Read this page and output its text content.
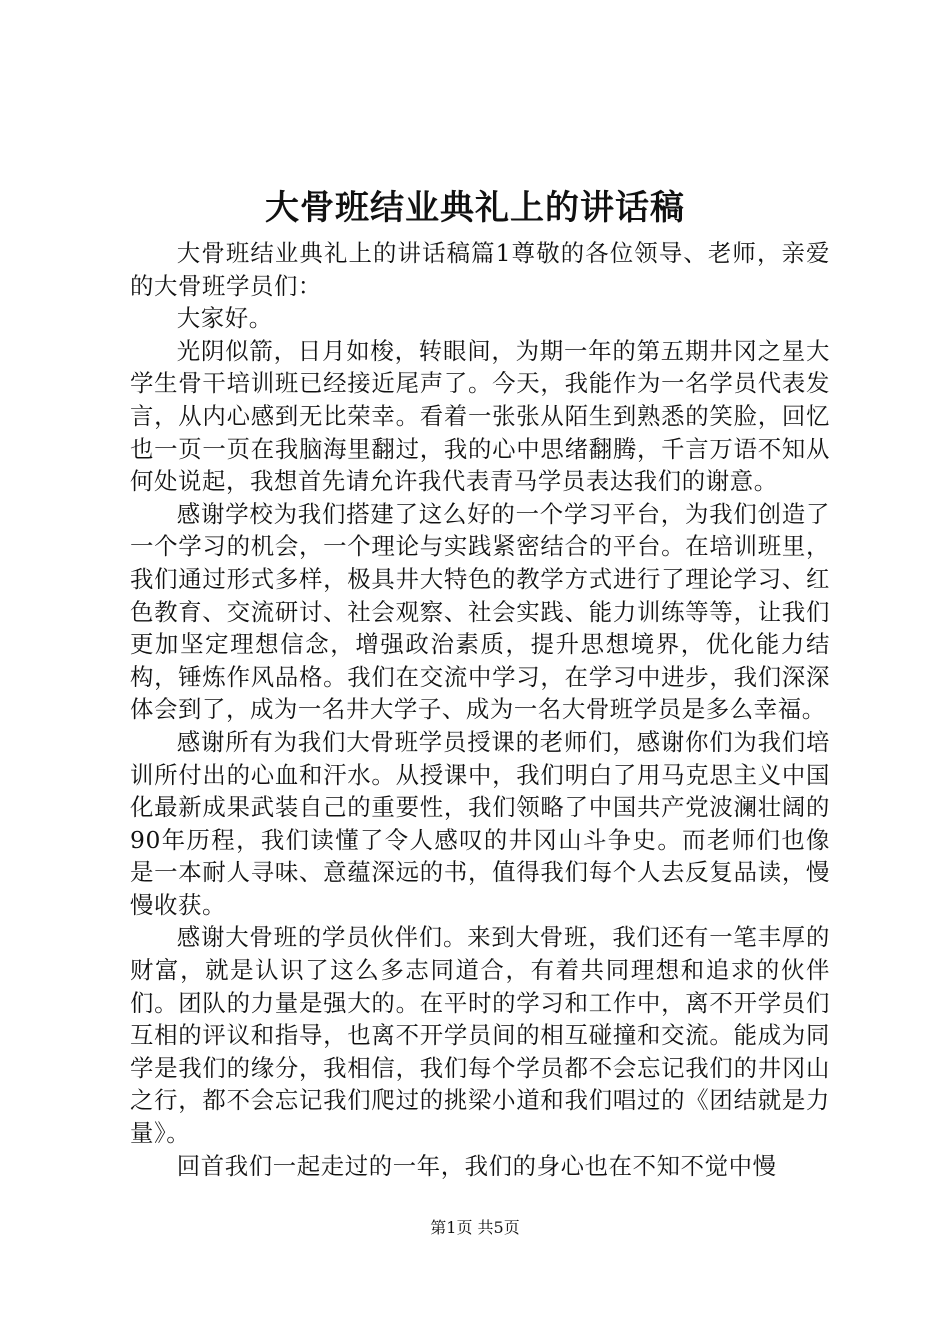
大骨班结业典礼上的讲话稿

大骨班结业典礼上的讲话稿篇1尊敬的各位领导、老师，亲爱的大骨班学员们：

大家好。

光阴似箭，日月如梭，转眼间，为期一年的第五期井冈之星大学生骨干培训班已经接近尾声了。今天，我能作为一名学员代表发言，从内心感到无比荣幸。看着一张张从陌生到熟悉的笑脸，回忆也一页一页在我脑海里翻过，我的心中思绪翻腾，千言万语不知从何处说起，我想首先请允许我代表青马学员表达我们的谢意。

感谢学校为我们搭建了这么好的一个学习平台，为我们创造了一个学习的机会，一个理论与实践紧密结合的平台。在培训班里，我们通过形式多样，极具井大特色的教学方式进行了理论学习、红色教育、交流研讨、社会观察、社会实践、能力训练等等，让我们更加坚定理想信念，增强政治素质，提升思想境界，优化能力结构，锤炼作风品格。我们在交流中学习，在学习中进步，我们深深体会到了，成为一名井大学子、成为一名大骨班学员是多么幸福。

感谢所有为我们大骨班学员授课的老师们，感谢你们为我们培训所付出的心血和汗水。从授课中，我们明白了用马克思主义中国化最新成果武装自己的重要性，我们领略了中国共产党波澜壮阔的90年历程，我们读懂了令人感叹的井冈山斗争史。而老师们也像是一本耐人寻味、意蕴深远的书，值得我们每个人去反复品读，慢慢收获。

感谢大骨班的学员伙伴们。来到大骨班，我们还有一笔丰厚的财富，就是认识了这么多志同道合，有着共同理想和追求的伙伴们。团队的力量是强大的。在平时的学习和工作中，离不开学员们互相的评议和指导，也离不开学员间的相互碰撞和交流。能成为同学是我们的缘分，我相信，我们每个学员都不会忘记我们的井冈山之行，都不会忘记我们爬过的挑梁小道和我们唱过的《团结就是力量》。

回首我们一起走过的一年，我们的身心也在不知不觉中慢

第1页 共5页
